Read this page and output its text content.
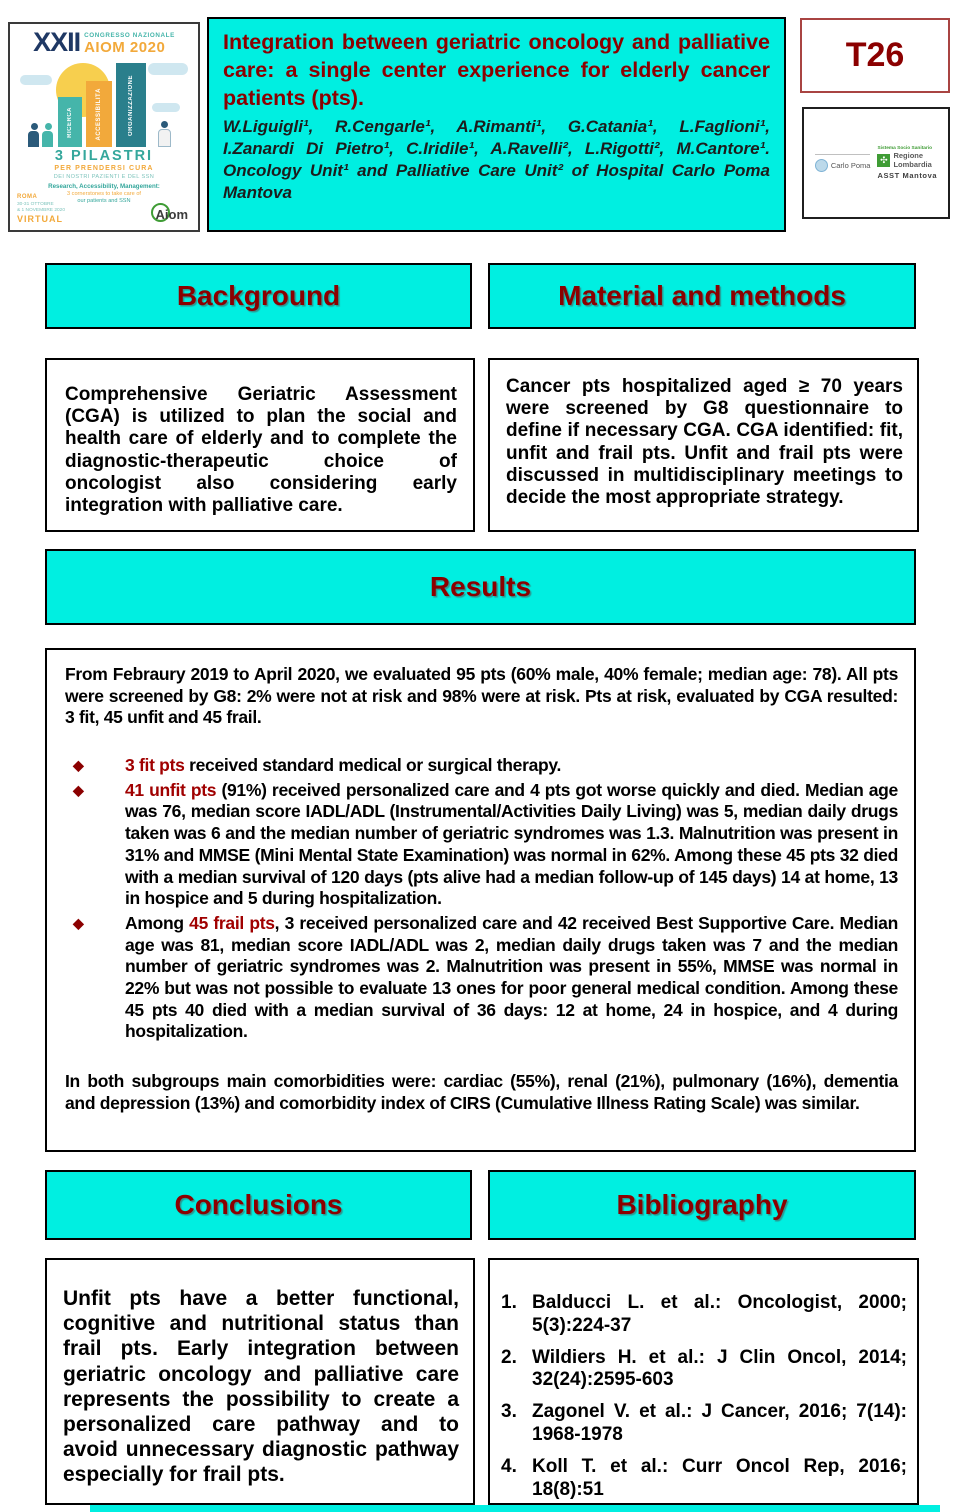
XXII CONGRESSO NAZIONALE
AIOM 2020
RICERCA	ACCESSIBILITÀ	ORGANIZZAZIONE
3 PILASTRI
PER PRENDERSI CURA
DEI NOSTRI PAZIENTI E DEL SSN
Research, Accessibility, Management:
3 cornerstones to take care of
our patients and SSN
ROMA
30-31 OTTOBRE
& 1 NOVEMBRE 2020
VIRTUAL	Aiom

Integration between geriatric oncology and palliative care: a single center experience for elderly cancer patients (pts).

W.Liguigli¹, R.Cengarle¹, A.Rimanti¹, G.Catania¹, L.Faglioni¹, I.Zanardi Di Pietro¹, C.Iridile¹, A.Ravelli², L.Rigotti², M.Cantore¹. Oncology Unit¹ and Palliative Care Unit² of Hospital Carlo Poma Mantova

T26
Carlo Poma
Sistema Socio Sanitario
✣ Regione
Lombardia
ASST Mantova
Background	Material and methods

Comprehensive Geriatric Assessment (CGA) is utilized to plan the social and health care of elderly and to complete the diagnostic-therapeutic choice of oncologist also considering early integration with palliative care.

Cancer pts hospitalized aged ≥ 70 years were screened by G8 questionnaire to define if necessary CGA. CGA identified: fit, unfit and frail pts. Unfit and frail pts were discussed in multidisciplinary meetings to decide the most appropriate strategy.

Results

From Febraury 2019 to April 2020, we evaluated 95 pts (60% male, 40% female; median age: 78). All pts were screened by G8: 2% were not at risk and 98% were at risk. Pts at risk, evaluated by CGA resulted: 3 fit, 45 unfit and 45 frail.

◆	3 fit pts received standard medical or surgical therapy.
◆	41 unfit pts (91%) received personalized care and 4 pts got worse quickly and died. Median age was 76, median score IADL/ADL (Instrumental/Activities Daily Living) was 5, median daily drugs taken was 6 and the median number of geriatric syndromes was 1.3. Malnutrition was present in 31% and MMSE (Mini Mental State Examination) was normal in 62%. Among these 45 pts 32 died with a median survival of 120 days (pts alive had a median follow-up of 145 days) 14 at home, 13 in hospice and 5 during hospitalization.
◆	Among 45 frail pts, 3 received personalized care and 42 received Best Supportive Care. Median age was 81, median score IADL/ADL was 2, median daily drugs taken was 7 and the median number of geriatric syndromes was 2. Malnutrition was present in 55%, MMSE was normal in 22% but was not possible to evaluate 13 ones for poor general medical condition. Among these 45 pts 40 died with a median survival of 36 days: 12 at home, 24 in hospice, and 4 during hospitalization.

In both subgroups main comorbidities were: cardiac (55%), renal (21%), pulmonary (16%), dementia and depression (13%) and comorbidity index of CIRS (Cumulative Illness Rating Scale) was similar.

Conclusions	Bibliography

Unfit pts have a better functional, cognitive and nutritional status than frail pts. Early integration between geriatric oncology and palliative care represents the possibility to create a personalized care pathway and to avoid unnecessary diagnostic pathway especially for frail pts.

1. Balducci L. et al.: Oncologist, 2000; 5(3):224-37
2. Wildiers H. et al.: J Clin Oncol, 2014; 32(24):2595-603
3. Zagonel V. et al.: J Cancer, 2016; 7(14): 1968-1978
4. Koll T. et al.: Curr Oncol Rep, 2016; 18(8):51
